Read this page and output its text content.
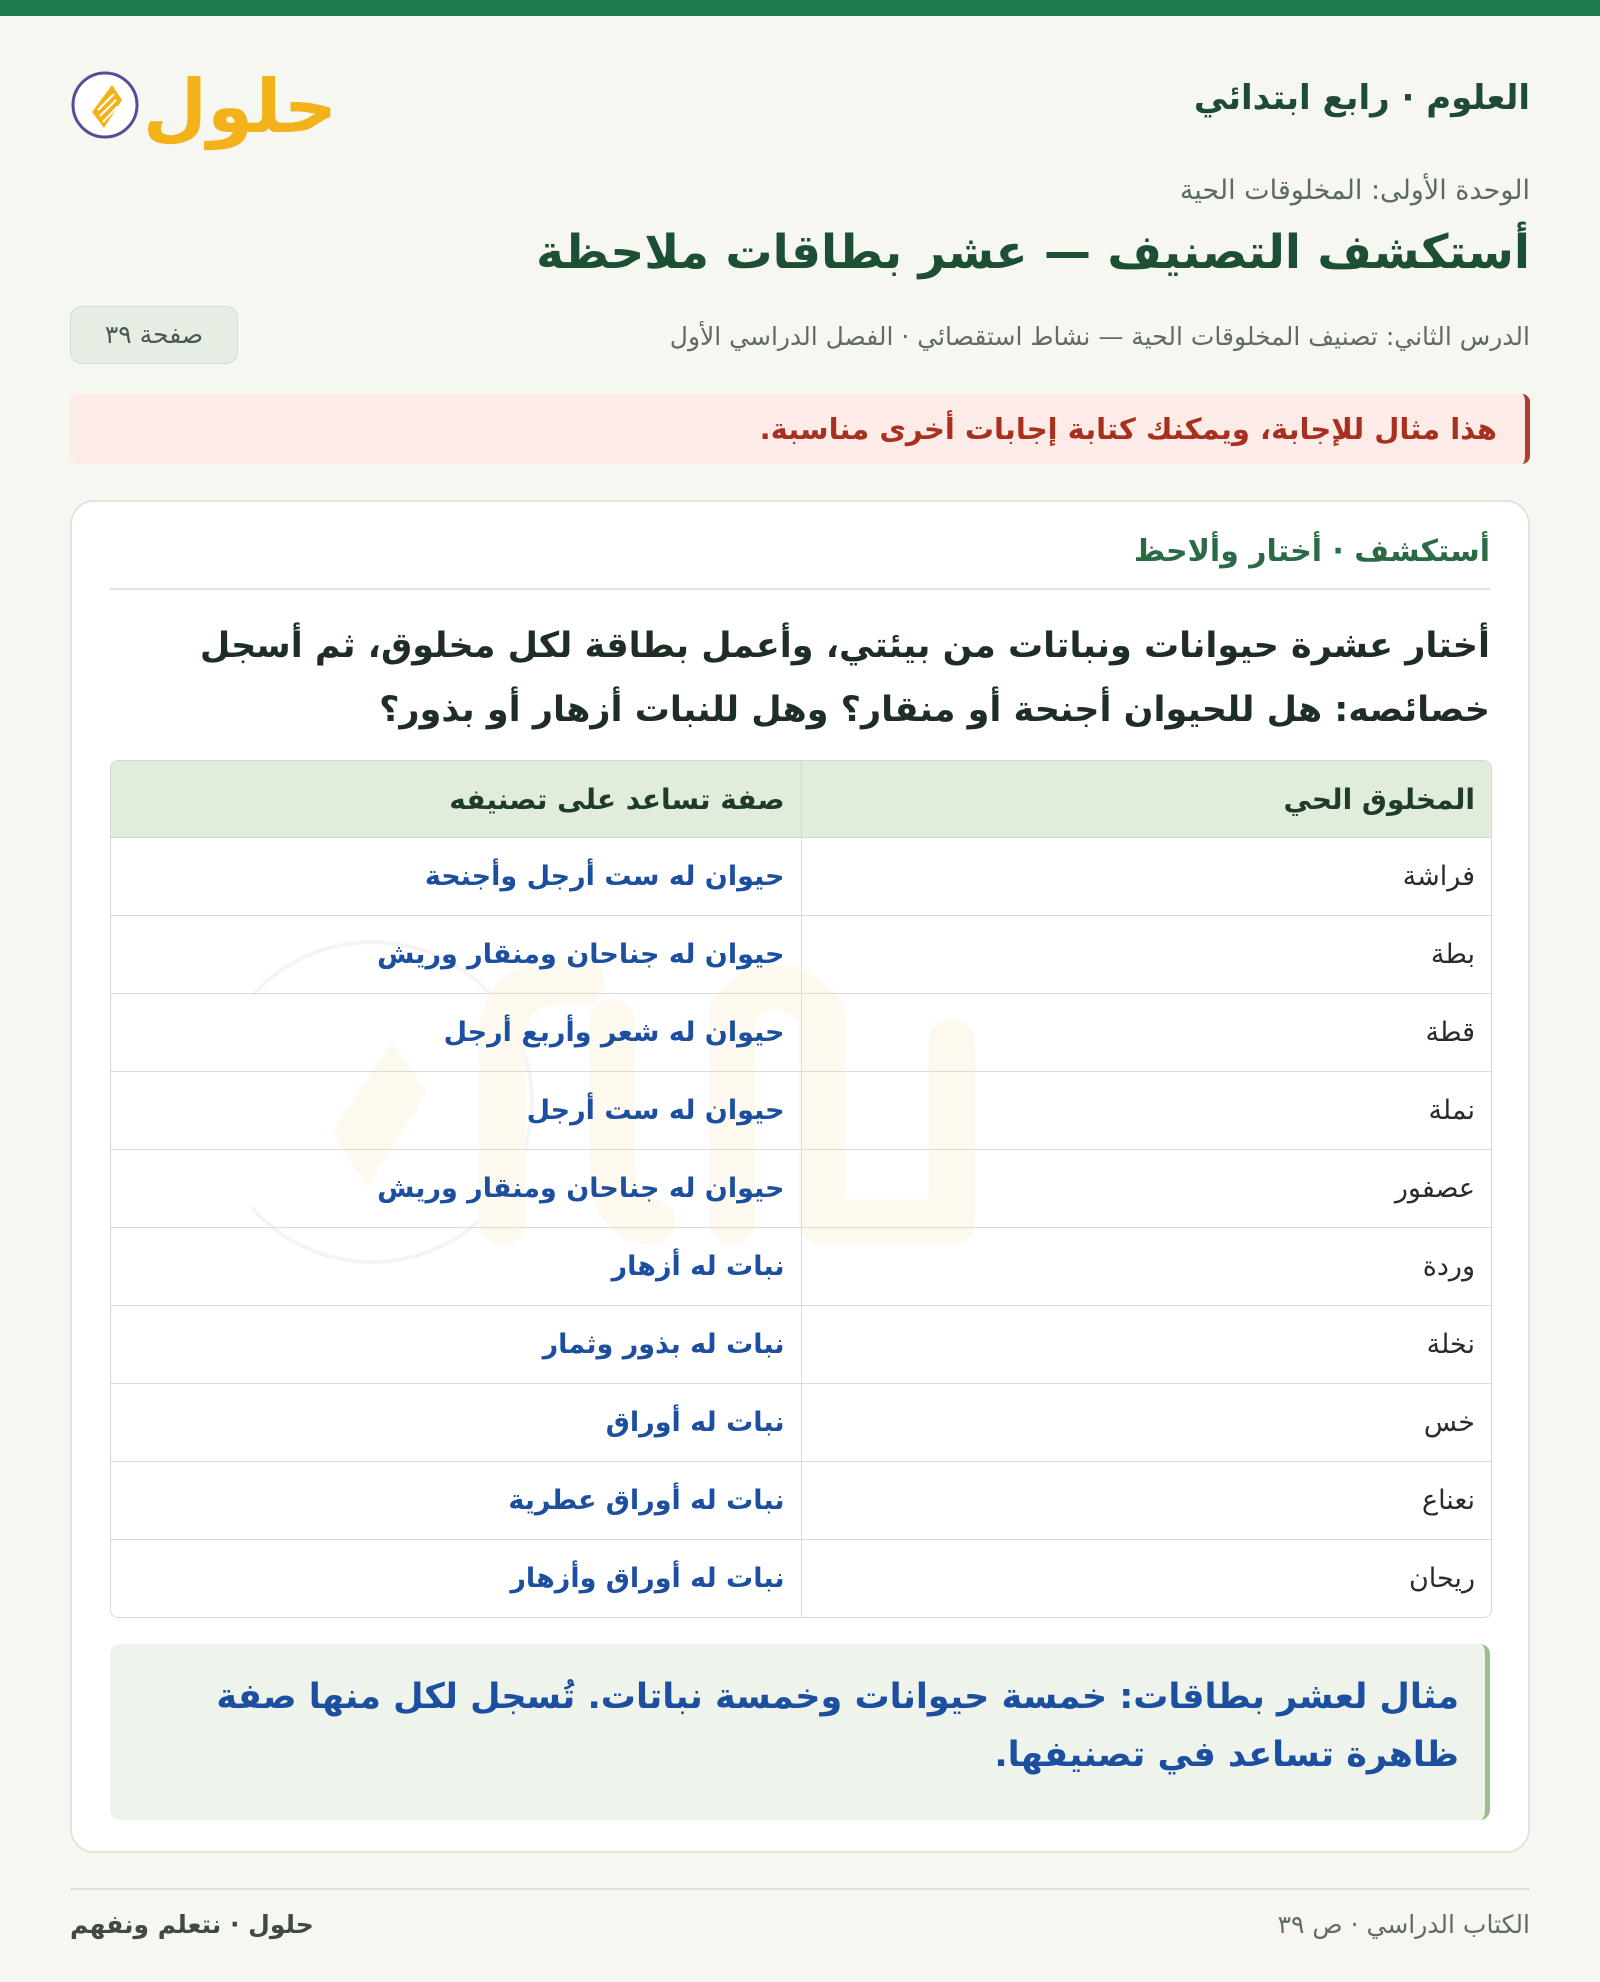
العلوم · رابع ابتدائي
حلول
الوحدة الأولى: المخلوقات الحية
أستكشف التصنيف — عشر بطاقات ملاحظة
الدرس الثاني: تصنيف المخلوقات الحية — نشاط استقصائي · الفصل الدراسي الأول
صفحة ٣٩
هذا مثال للإجابة، ويمكنك كتابة إجابات أخرى مناسبة.
أستكشف · أختار وألاحظ
أختار عشرة حيوانات ونباتات من بيئتي، وأعمل بطاقة لكل مخلوق، ثم أسجل خصائصه: هل للحيوان أجنحة أو منقار؟ وهل للنبات أزهار أو بذور؟
المخلوق الحي	صفة تساعد على تصنيفه
فراشة	حيوان له ست أرجل وأجنحة
بطة	حيوان له جناحان ومنقار وريش
قطة	حيوان له شعر وأربع أرجل
نملة	حيوان له ست أرجل
عصفور	حيوان له جناحان ومنقار وريش
وردة	نبات له أزهار
نخلة	نبات له بذور وثمار
خس	نبات له أوراق
نعناع	نبات له أوراق عطرية
ريحان	نبات له أوراق وأزهار
مثال لعشر بطاقات: خمسة حيوانات وخمسة نباتات. تُسجل لكل منها صفة ظاهرة تساعد في تصنيفها.
الكتاب الدراسي · ص ٣٩
حلول · نتعلم ونفهم
